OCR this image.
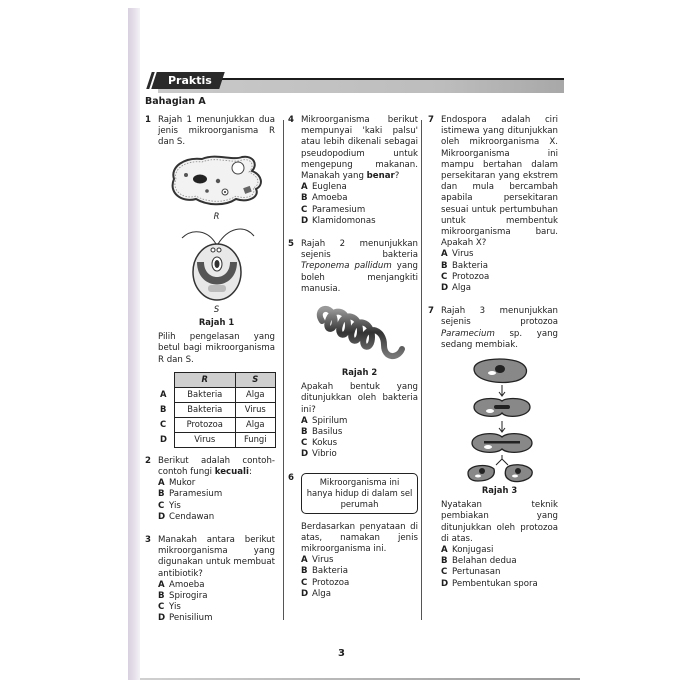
Praktis
Bahagian A
1 Rajah 1 menunjukkan dua jenis mikroorganisma R dan S.
R
S
Rajah 1
Pilih pengelasan yang betul bagi mikroorganisma R dan S.
	R	S
A	Bakteria	Alga
B	Bakteria	Virus
C	Protozoa	Alga
D	Virus	Fungi
2 Berikut adalah contoh-contoh fungi kecuali:
A Mukor
B Paramesium
C Yis
D Cendawan
3 Manakah antara berikut mikroorganisma yang digunakan untuk membuat antibiotik?
A Amoeba
B Spirogira
C Yis
D Penisilium
4 Mikroorganisma berikut mempunyai 'kaki palsu' atau lebih dikenali sebagai pseudopodium untuk mengepung makanan. Manakah yang benar?
A Euglena
B Amoeba
C Paramesium
D Klamidomonas
5 Rajah 2 menunjukkan sejenis bakteria Treponema pallidum yang boleh menjangkiti manusia.
Rajah 2
Apakah bentuk yang ditunjukkan oleh bakteria ini?
A Spirilum
B Basilus
C Kokus
D Vibrio
6	Mikroorganisma ini hanya hidup di dalam sel perumah
Berdasarkan penyataan di atas, namakan jenis mikroorganisma ini.
A Virus
B Bakteria
C Protozoa
D Alga
7 Endospora adalah ciri istimewa yang ditunjukkan oleh mikroorganisma X. Mikroorganisma ini mampu bertahan dalam persekitaran yang ekstrem dan mula bercambah apabila persekitaran sesuai untuk pertumbuhan untuk membentuk mikroorganisma baru. Apakah X?
A Virus
B Bakteria
C Protozoa
D Alga
7 Rajah 3 menunjukkan sejenis protozoa Paramecium sp. yang sedang membiak.
Rajah 3
Nyatakan teknik pembiakan yang ditunjukkan oleh protozoa di atas.
A Konjugasi
B Belahan dedua
C Pertunasan
D Pembentukan spora
3
